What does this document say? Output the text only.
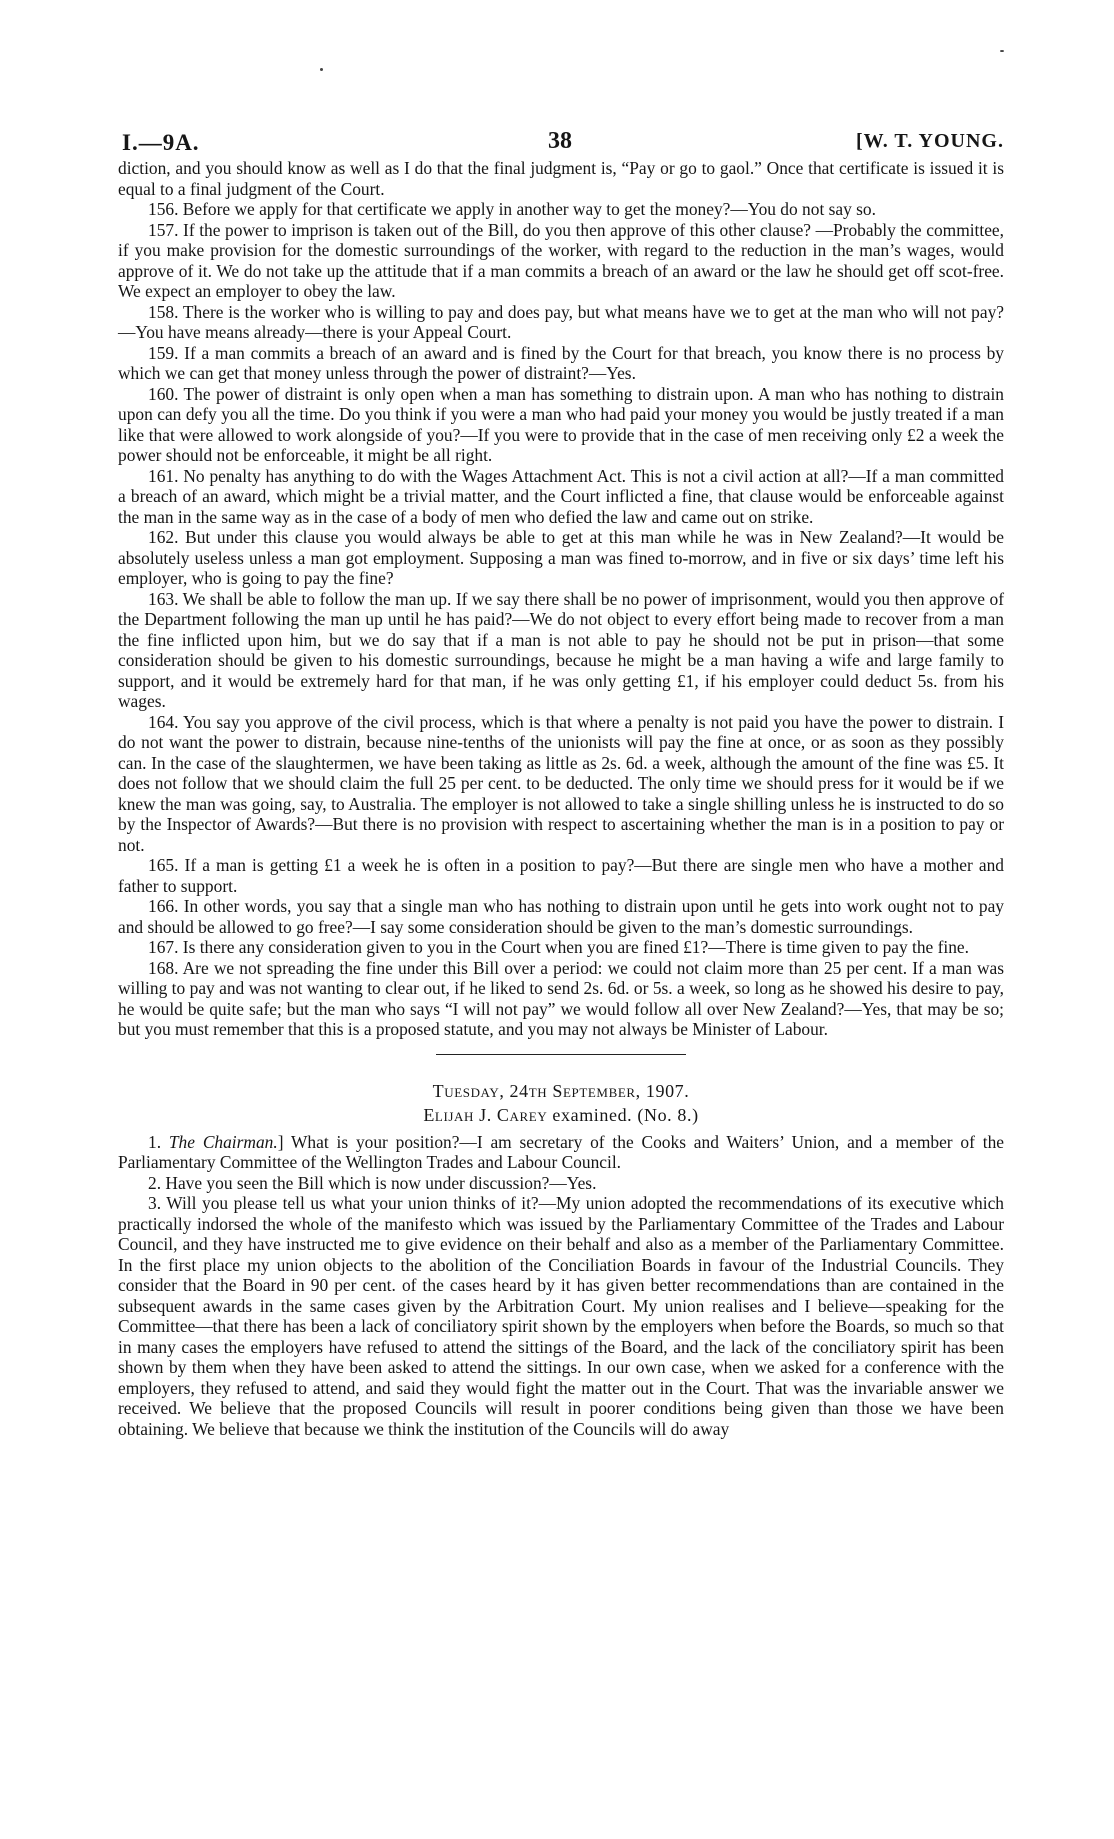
I.—9A.	38	[W. T. YOUNG.

diction, and you should know as well as I do that the final judgment is, “Pay or go to gaol.” Once that certificate is issued it is equal to a final judgment of the Court.

156. Before we apply for that certificate we apply in another way to get the money?—You do not say so.

157. If the power to imprison is taken out of the Bill, do you then approve of this other clause? —Probably the committee, if you make provision for the domestic surroundings of the worker, with regard to the reduction in the man’s wages, would approve of it. We do not take up the attitude that if a man commits a breach of an award or the law he should get off scot-free. We expect an employer to obey the law.

158. There is the worker who is willing to pay and does pay, but what means have we to get at the man who will not pay?—You have means already—there is your Appeal Court.

159. If a man commits a breach of an award and is fined by the Court for that breach, you know there is no process by which we can get that money unless through the power of distraint?—Yes.

160. The power of distraint is only open when a man has something to distrain upon. A man who has nothing to distrain upon can defy you all the time. Do you think if you were a man who had paid your money you would be justly treated if a man like that were allowed to work alongside of you?—If you were to provide that in the case of men receiving only £2 a week the power should not be enforceable, it might be all right.

161. No penalty has anything to do with the Wages Attachment Act. This is not a civil action at all?—If a man committed a breach of an award, which might be a trivial matter, and the Court inflicted a fine, that clause would be enforceable against the man in the same way as in the case of a body of men who defied the law and came out on strike.

162. But under this clause you would always be able to get at this man while he was in New Zealand?—It would be absolutely useless unless a man got employment. Supposing a man was fined to-morrow, and in five or six days’ time left his employer, who is going to pay the fine?

163. We shall be able to follow the man up. If we say there shall be no power of imprisonment, would you then approve of the Department following the man up until he has paid?—We do not object to every effort being made to recover from a man the fine inflicted upon him, but we do say that if a man is not able to pay he should not be put in prison—that some consideration should be given to his domestic surroundings, because he might be a man having a wife and large family to support, and it would be extremely hard for that man, if he was only getting £1, if his employer could deduct 5s. from his wages.

164. You say you approve of the civil process, which is that where a penalty is not paid you have the power to distrain. I do not want the power to distrain, because nine-tenths of the unionists will pay the fine at once, or as soon as they possibly can. In the case of the slaughtermen, we have been taking as little as 2s. 6d. a week, although the amount of the fine was £5. It does not follow that we should claim the full 25 per cent. to be deducted. The only time we should press for it would be if we knew the man was going, say, to Australia. The employer is not allowed to take a single shilling unless he is instructed to do so by the Inspector of Awards?—But there is no provision with respect to ascertaining whether the man is in a position to pay or not.

165. If a man is getting £1 a week he is often in a position to pay?—But there are single men who have a mother and father to support.

166. In other words, you say that a single man who has nothing to distrain upon until he gets into work ought not to pay and should be allowed to go free?—I say some consideration should be given to the man’s domestic surroundings.

167. Is there any consideration given to you in the Court when you are fined £1?—There is time given to pay the fine.

168. Are we not spreading the fine under this Bill over a period: we could not claim more than 25 per cent. If a man was willing to pay and was not wanting to clear out, if he liked to send 2s. 6d. or 5s. a week, so long as he showed his desire to pay, he would be quite safe; but the man who says “I will not pay” we would follow all over New Zealand?—Yes, that may be so; but you must remember that this is a proposed statute, and you may not always be Minister of Labour.

Tuesday, 24th September, 1907.
Elijah J. Carey examined. (No. 8.)

1. The Chairman.] What is your position?—I am secretary of the Cooks and Waiters’ Union, and a member of the Parliamentary Committee of the Wellington Trades and Labour Council.

2. Have you seen the Bill which is now under discussion?—Yes.

3. Will you please tell us what your union thinks of it?—My union adopted the recommendations of its executive which practically indorsed the whole of the manifesto which was issued by the Parliamentary Committee of the Trades and Labour Council, and they have instructed me to give evidence on their behalf and also as a member of the Parliamentary Committee. In the first place my union objects to the abolition of the Conciliation Boards in favour of the Industrial Councils. They consider that the Board in 90 per cent. of the cases heard by it has given better recommendations than are contained in the subsequent awards in the same cases given by the Arbitration Court. My union realises and I believe—speaking for the Committee—that there has been a lack of conciliatory spirit shown by the employers when before the Boards, so much so that in many cases the employers have refused to attend the sittings of the Board, and the lack of the conciliatory spirit has been shown by them when they have been asked to attend the sittings. In our own case, when we asked for a conference with the employers, they refused to attend, and said they would fight the matter out in the Court. That was the invariable answer we received. We believe that the proposed Councils will result in poorer conditions being given than those we have been obtaining. We believe that because we think the institution of the Councils will do away
